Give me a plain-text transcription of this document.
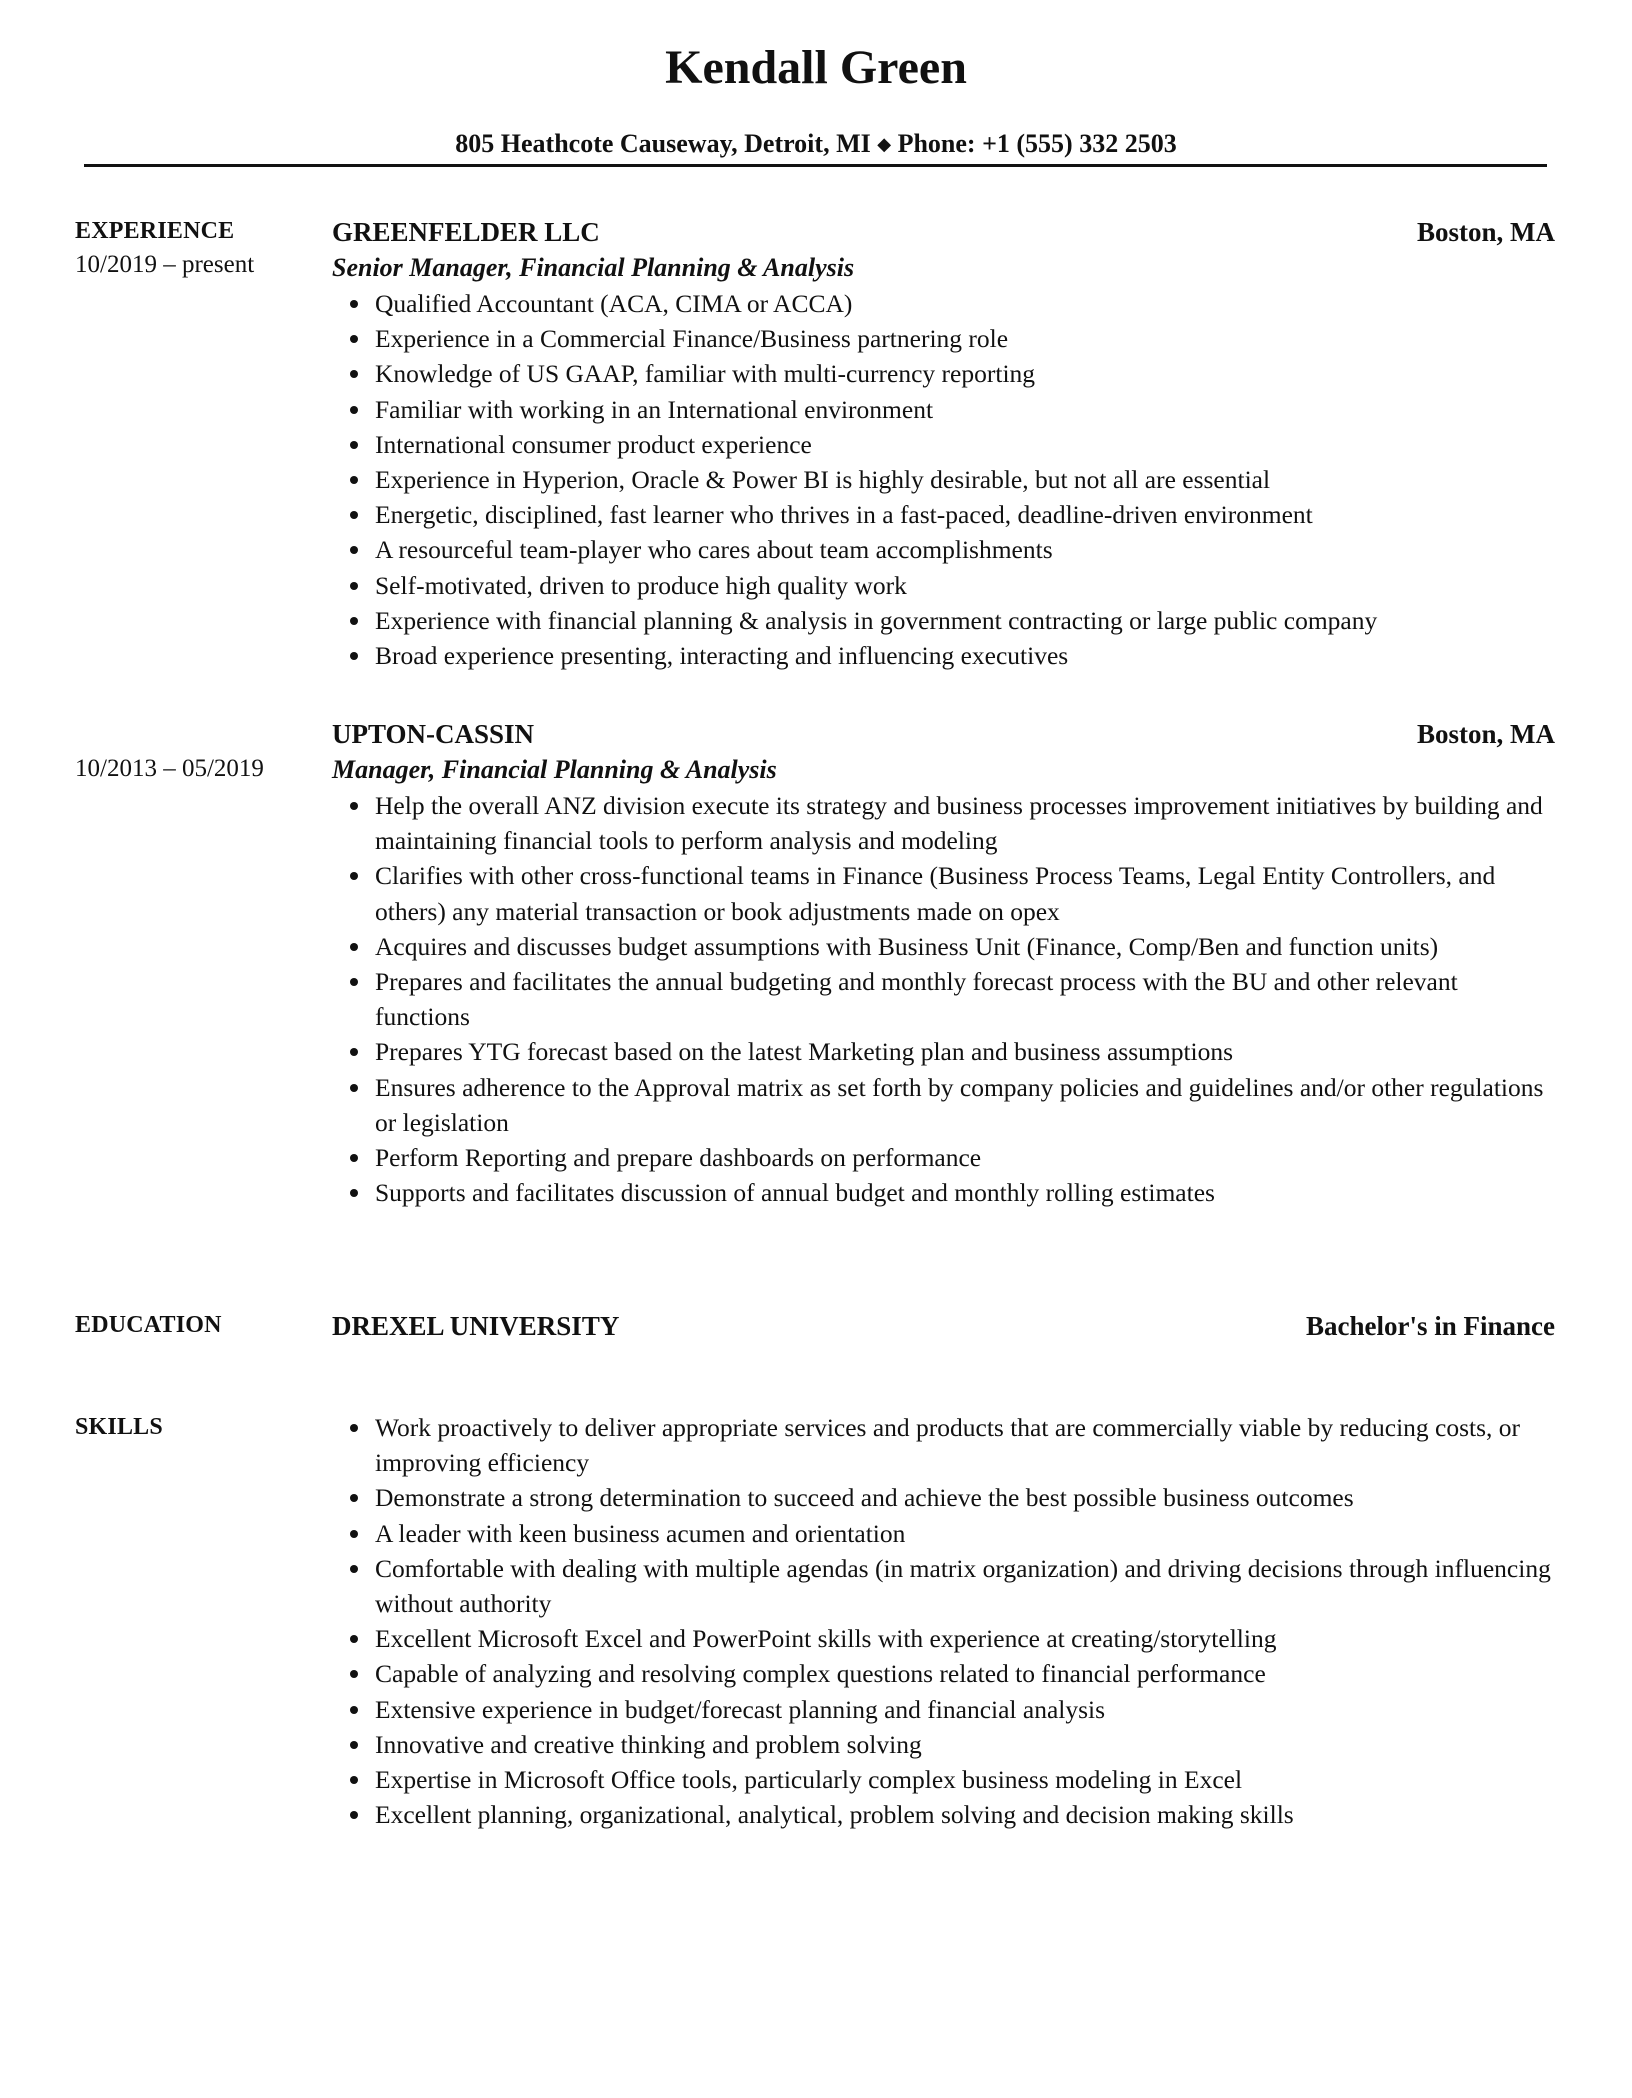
Kendall Green
805 Heathcote Causeway, Detroit, MI ◆ Phone: +1 (555) 332 2503
EXPERIENCE
10/2019 – present
GREENFELDER LLC	Boston, MA
Senior Manager, Financial Planning & Analysis
Qualified Accountant (ACA, CIMA or ACCA)
Experience in a Commercial Finance/Business partnering role
Knowledge of US GAAP, familiar with multi-currency reporting
Familiar with working in an International environment
International consumer product experience
Experience in Hyperion, Oracle & Power BI is highly desirable, but not all are essential
Energetic, disciplined, fast learner who thrives in a fast-paced, deadline-driven environment
A resourceful team-player who cares about team accomplishments
Self-motivated, driven to produce high quality work
Experience with financial planning & analysis in government contracting or large public company
Broad experience presenting, interacting and influencing executives
10/2013 – 05/2019
UPTON-CASSIN	Boston, MA
Manager, Financial Planning & Analysis
Help the overall ANZ division execute its strategy and business processes improvement initiatives by building and maintaining financial tools to perform analysis and modeling
Clarifies with other cross-functional teams in Finance (Business Process Teams, Legal Entity Controllers, and others) any material transaction or book adjustments made on opex
Acquires and discusses budget assumptions with Business Unit (Finance, Comp/Ben and function units)
Prepares and facilitates the annual budgeting and monthly forecast process with the BU and other relevant functions
Prepares YTG forecast based on the latest Marketing plan and business assumptions
Ensures adherence to the Approval matrix as set forth by company policies and guidelines and/or other regulations or legislation
Perform Reporting and prepare dashboards on performance
Supports and facilitates discussion of annual budget and monthly rolling estimates
EDUCATION	DREXEL UNIVERSITY	Bachelor's in Finance
SKILLS	Work proactively to deliver appropriate services and products that are commercially viable by reducing costs, or improving efficiency
Demonstrate a strong determination to succeed and achieve the best possible business outcomes
A leader with keen business acumen and orientation
Comfortable with dealing with multiple agendas (in matrix organization) and driving decisions through influencing without authority
Excellent Microsoft Excel and PowerPoint skills with experience at creating/storytelling
Capable of analyzing and resolving complex questions related to financial performance
Extensive experience in budget/forecast planning and financial analysis
Innovative and creative thinking and problem solving
Expertise in Microsoft Office tools, particularly complex business modeling in Excel
Excellent planning, organizational, analytical, problem solving and decision making skills
